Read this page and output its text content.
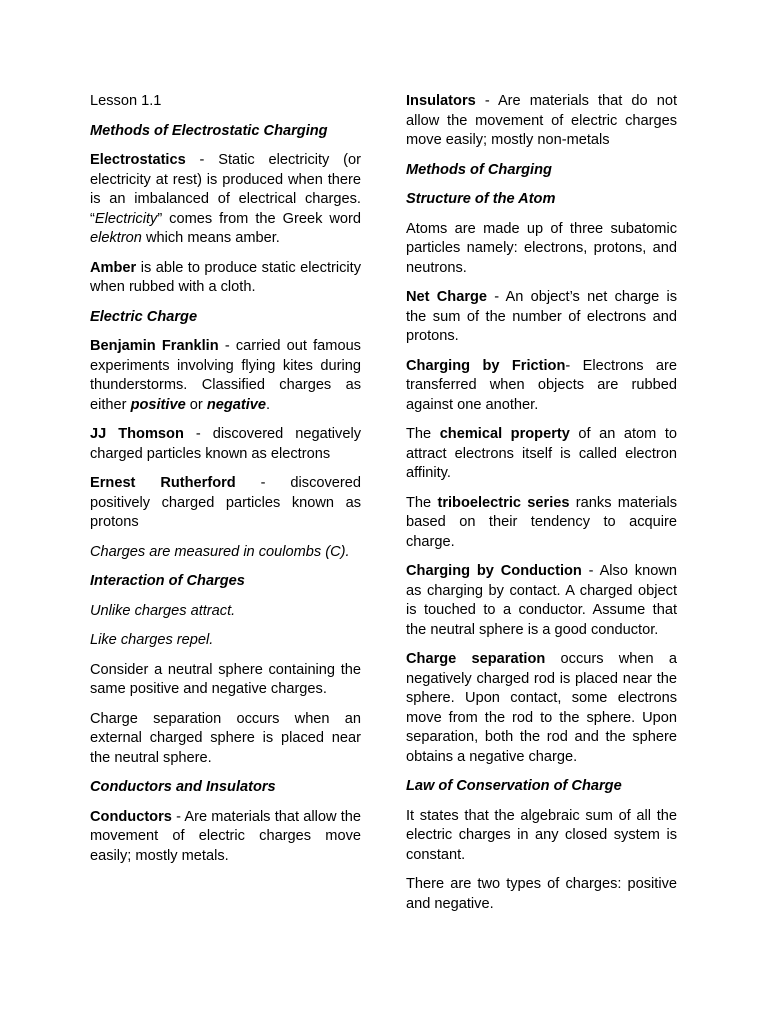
Lesson 1.1

Methods of Electrostatic Charging

Electrostatics - Static electricity (or electricity at rest) is produced when there is an imbalanced of electrical charges. “Electricity” comes from the Greek word elektron which means amber.

Amber is able to produce static electricity when rubbed with a cloth.

Electric Charge

Benjamin Franklin - carried out famous experiments involving flying kites during thunderstorms. Classified charges as either positive or negative.

JJ Thomson - discovered negatively charged particles known as electrons

Ernest Rutherford - discovered positively charged particles known as protons

Charges are measured in coulombs (C).

Interaction of Charges

Unlike charges attract.

Like charges repel.

Consider a neutral sphere containing the same positive and negative charges.

Charge separation occurs when an external charged sphere is placed near the neutral sphere.

Conductors and Insulators

Conductors - Are materials that allow the movement of electric charges move easily; mostly metals.

Insulators - Are materials that do not allow the movement of electric charges move easily; mostly non-metals

Methods of Charging

Structure of the Atom

Atoms are made up of three subatomic particles namely: electrons, protons, and neutrons.

Net Charge - An object’s net charge is the sum of the number of electrons and protons.

Charging by Friction- Electrons are transferred when objects are rubbed against one another.

The chemical property of an atom to attract electrons itself is called electron affinity.

The triboelectric series ranks materials based on their tendency to acquire charge.

Charging by Conduction - Also known as charging by contact. A charged object is touched to a conductor. Assume that the neutral sphere is a good conductor.

Charge separation occurs when a negatively charged rod is placed near the sphere. Upon contact, some electrons move from the rod to the sphere. Upon separation, both the rod and the sphere obtains a negative charge.

Law of Conservation of Charge

It states that the algebraic sum of all the electric charges in any closed system is constant.

There are two types of charges: positive and negative.
